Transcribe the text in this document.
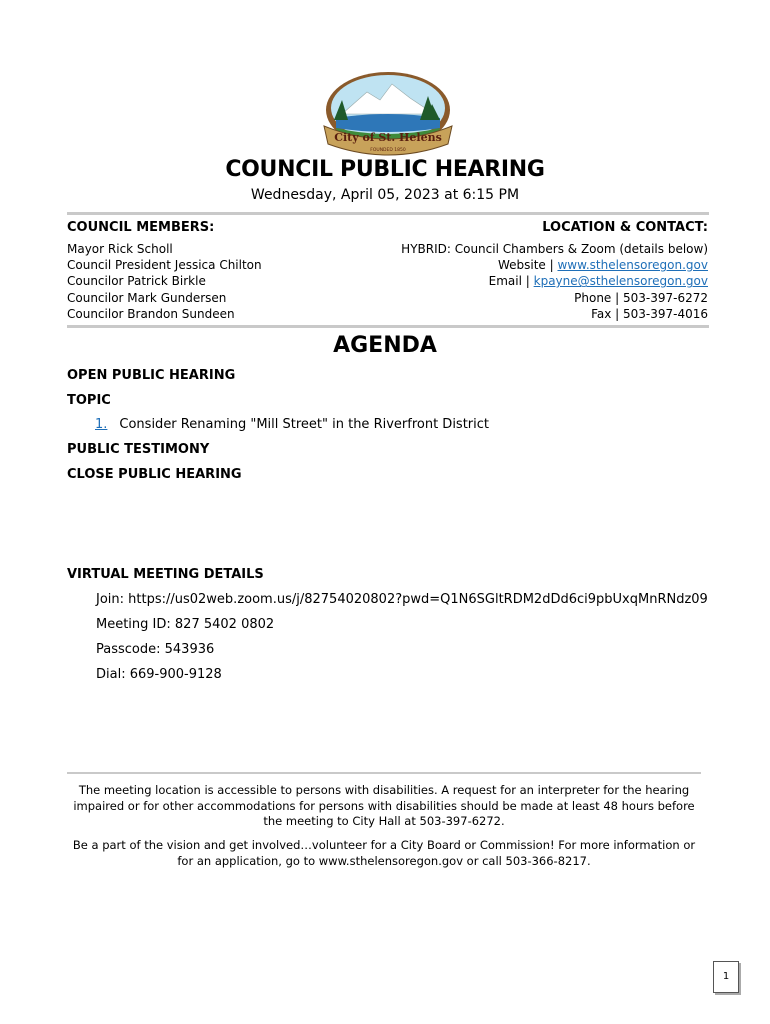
City of St. Helens
FOUNDED 1850
COUNCIL PUBLIC HEARING
Wednesday, April 05, 2023 at 6:15 PM
COUNCIL MEMBERS:	LOCATION & CONTACT:
Mayor Rick Scholl
Council President Jessica Chilton
Councilor Patrick Birkle
Councilor Mark Gundersen
Councilor Brandon Sundeen
HYBRID: Council Chambers & Zoom (details below)
Website | www.sthelensoregon.gov
Email | kpayne@sthelensoregon.gov
Phone | 503-397-6272
Fax | 503-397-4016
AGENDA
OPEN PUBLIC HEARING
TOPIC
1. Consider Renaming "Mill Street" in the Riverfront District
PUBLIC TESTIMONY
CLOSE PUBLIC HEARING
VIRTUAL MEETING DETAILS
Join: https://us02web.zoom.us/j/82754020802?pwd=Q1N6SGltRDM2dDd6ci9pbUxqMnRNdz09
Meeting ID: 827 5402 0802
Passcode: 543936
Dial: 669-900-9128
The meeting location is accessible to persons with disabilities. A request for an interpreter for the hearing impaired or for other accommodations for persons with disabilities should be made at least 48 hours before the meeting to City Hall at 503-397-6272.
Be a part of the vision and get involved…volunteer for a City Board or Commission! For more information or for an application, go to www.sthelensoregon.gov or call 503-366-8217.
1
